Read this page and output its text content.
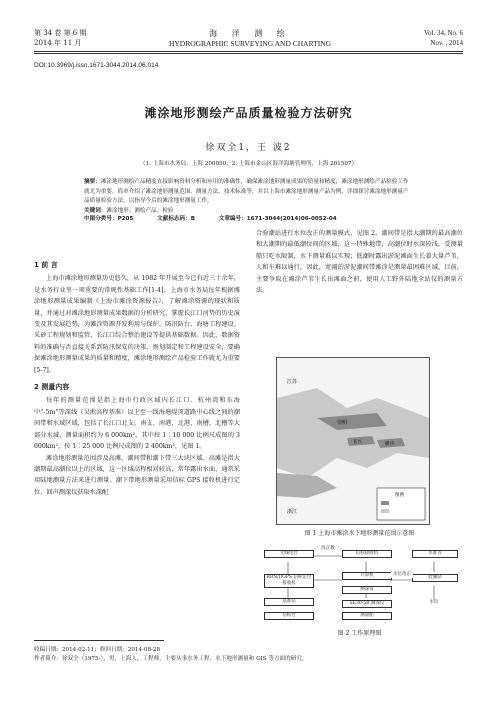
第 34 卷 第 6 期
2014 年 11 月
海 洋 测 绘
HYDROGRAPHIC SURVEYING AND CHARTING
Vol. 34, No. 6
Nov. , 2014
DOI:10.3969/j.issn.1671-3044.2014.06.014
滩涂地形测绘产品质量检验方法研究
徐双全1，王 波2
（1. 上海市水务局，上海 200050；2. 上海市金山区海洋海塘管理所，上海 201507）
摘要：滩涂地形测绘产品精度直接影响资料分析和应用的准确性，确保滩涂地形测量成果的质量和精度，滩涂地形测绘产品检验工作就尤为重要。简单介绍了滩涂地形测量范围、测量方法、技术标准等，并以上海市滩涂地形测量产品为例，详细探讨滩涂地形测量产品质量检验方法，以指导今后的滩涂地形测量工作。
关键词：滩涂地形；测绘产品；检验
中图分类号：P205	文献标志码：B	文章编号：1671-3044(2014)06-0052-04
1 前 言

上海市滩涂地形测量历史悠久，从 1982 年开展至今已有近三十余年，是水务行业里一项重要的常规性基础工作[1-4]。上海市水务局每年根据滩涂地形测量成果编制《上海市滩涂资源报告》，了解滩涂资源的现状和质量，并通过对滩涂地形测量成果数据的分析研究，掌握长江口河势的历史演变及其发展趋势，为滩涂资源开发利用与保护、防汛防台、海塘工程建设、采砂工程规划和监管、长江口综合整治建设等提供基础数据。因此，数据资料的准确与否直接关系到防汛保安的决策、规划制定和工程建设安全，要确保滩涂地形测量成果的质量和精度，滩涂地形测绘产品检验工作就尤为重要[5-7]。

2 测量内容

每年的测量范围是指上海市行政区域内长江口、杭州湾和东海中“-5m”等深线（吴淞高程基准）以上至一线海塘堤顶道路中心线之间的潮间带和水域区域，包括了长江口北支、南支、南港、北港、南槽、北槽等大部分水域，测量面积约为 6 000km²，其中按 1∶10 000 比例尺成图的 3 600km²，按 1∶25 000 比例尺成图的 2 400km²，见图 1。

滩涂地形测量范围涉及高滩、潮间带和潮下带三大块区域。高滩是指大潮期最高潮位以上的区域，这一区域高程相对较高，常年露出水面，通常采用陆地测量方法来进行测量。潮下带地形测量采用信标 GPS 接收机进行定位，回声测深仪获取水深配

合验潮站进行水位改正的测量模式，见图 2。潮间带是指大潮期的最高潮位和大潮期的最低潮位间的区域，这一特殊地带，高潮位时水深较浅，受测量船只吃水限制，水下测量难以实现；低潮时露出淤泥滩面生长着大量芦苇，人和车难以通行，因此，宽阔的淤泥潮间带滩涂是测量最困难区域。目前，主要争取在滩涂芦苇生长出滩面之前，使用人工野外陆地全站仪的测量方法。

崇明
长兴	横沙
江苏
浙江
图例
图 1 上海市滩涂水下地形测量范围示意图
无线电台
RBN/DGPS 信标定位接收机
基准站
信标台
信标接收机
计算机
测深仪
SE30-5B 测深仪
测量船
水准点
验潮站
水位
改正数
水位改正
图 2 工作原理图
收稿日期：2014-02-11；修回日期：2014-08-28
作者简介：徐双全（1975-），男，上海人，工程师，主要从事水务工程、水下地形测量和 GIS 等方面的研究。
